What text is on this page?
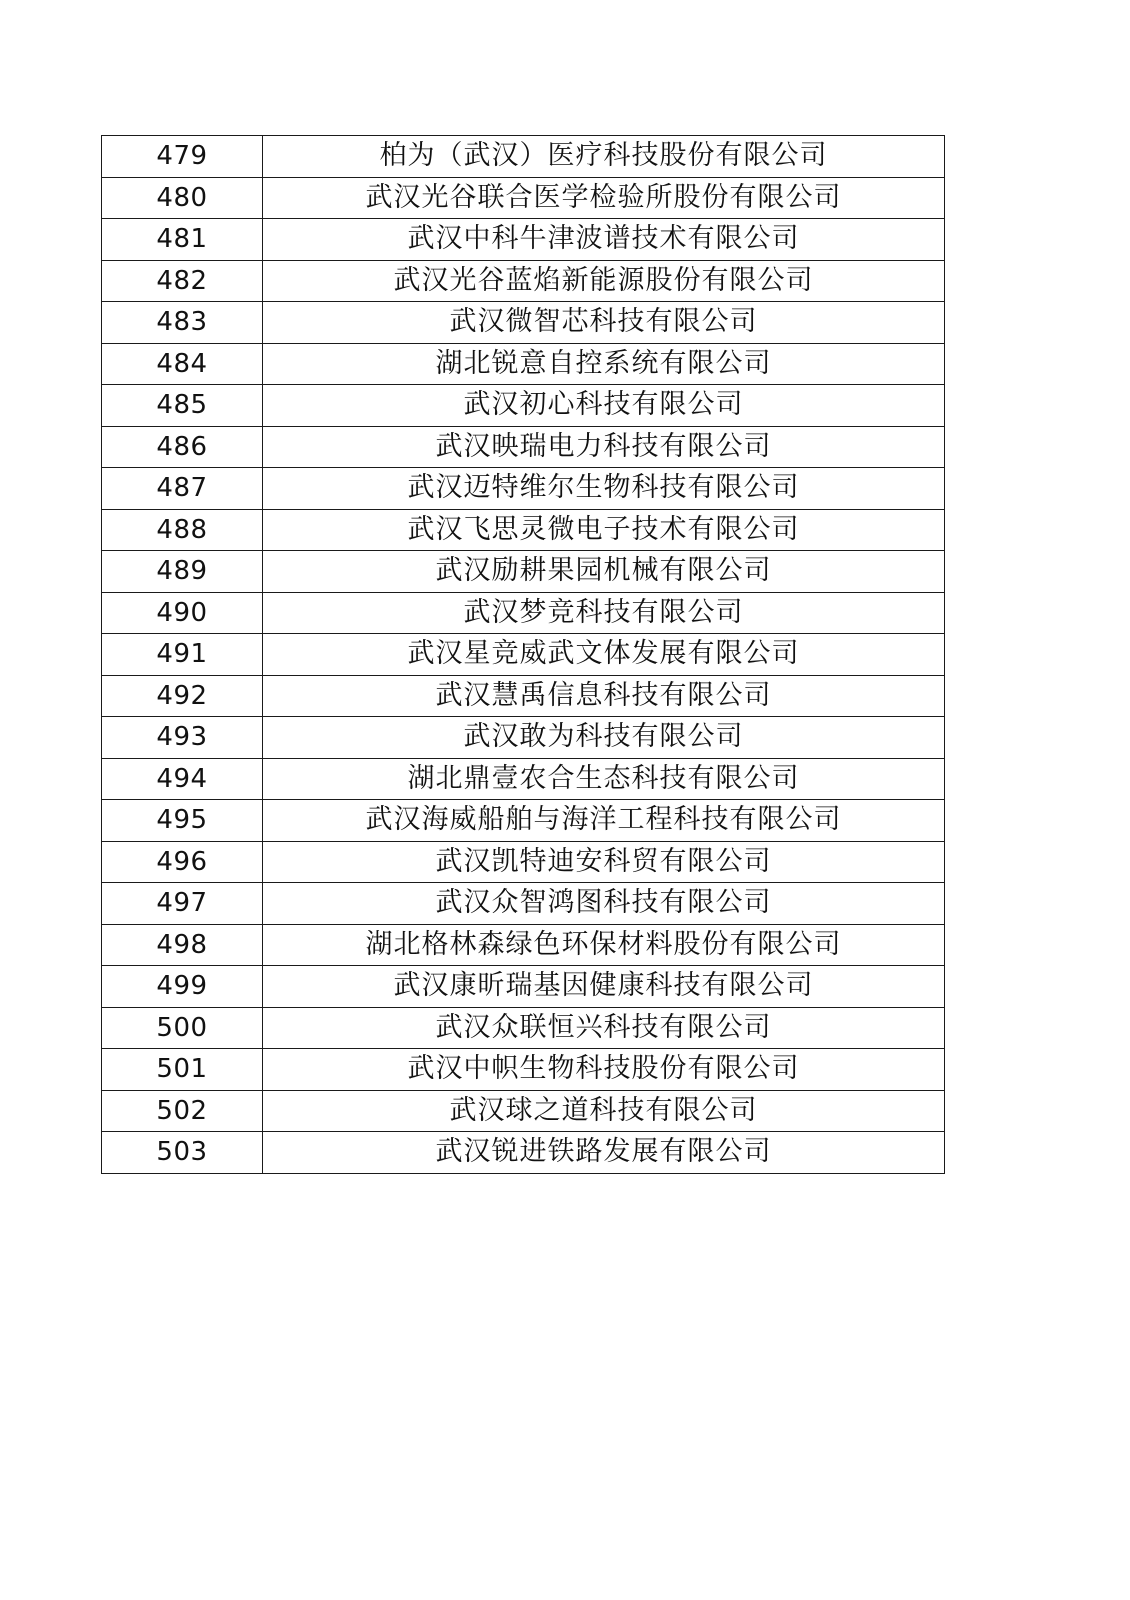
479	柏为（武汉）医疗科技股份有限公司
480	武汉光谷联合医学检验所股份有限公司
481	武汉中科牛津波谱技术有限公司
482	武汉光谷蓝焰新能源股份有限公司
483	武汉微智芯科技有限公司
484	湖北锐意自控系统有限公司
485	武汉初心科技有限公司
486	武汉映瑞电力科技有限公司
487	武汉迈特维尔生物科技有限公司
488	武汉飞思灵微电子技术有限公司
489	武汉励耕果园机械有限公司
490	武汉梦竞科技有限公司
491	武汉星竞威武文体发展有限公司
492	武汉慧禹信息科技有限公司
493	武汉敢为科技有限公司
494	湖北鼎壹农合生态科技有限公司
495	武汉海威船舶与海洋工程科技有限公司
496	武汉凯特迪安科贸有限公司
497	武汉众智鸿图科技有限公司
498	湖北格林森绿色环保材料股份有限公司
499	武汉康昕瑞基因健康科技有限公司
500	武汉众联恒兴科技有限公司
501	武汉中帜生物科技股份有限公司
502	武汉球之道科技有限公司
503	武汉锐进铁路发展有限公司
